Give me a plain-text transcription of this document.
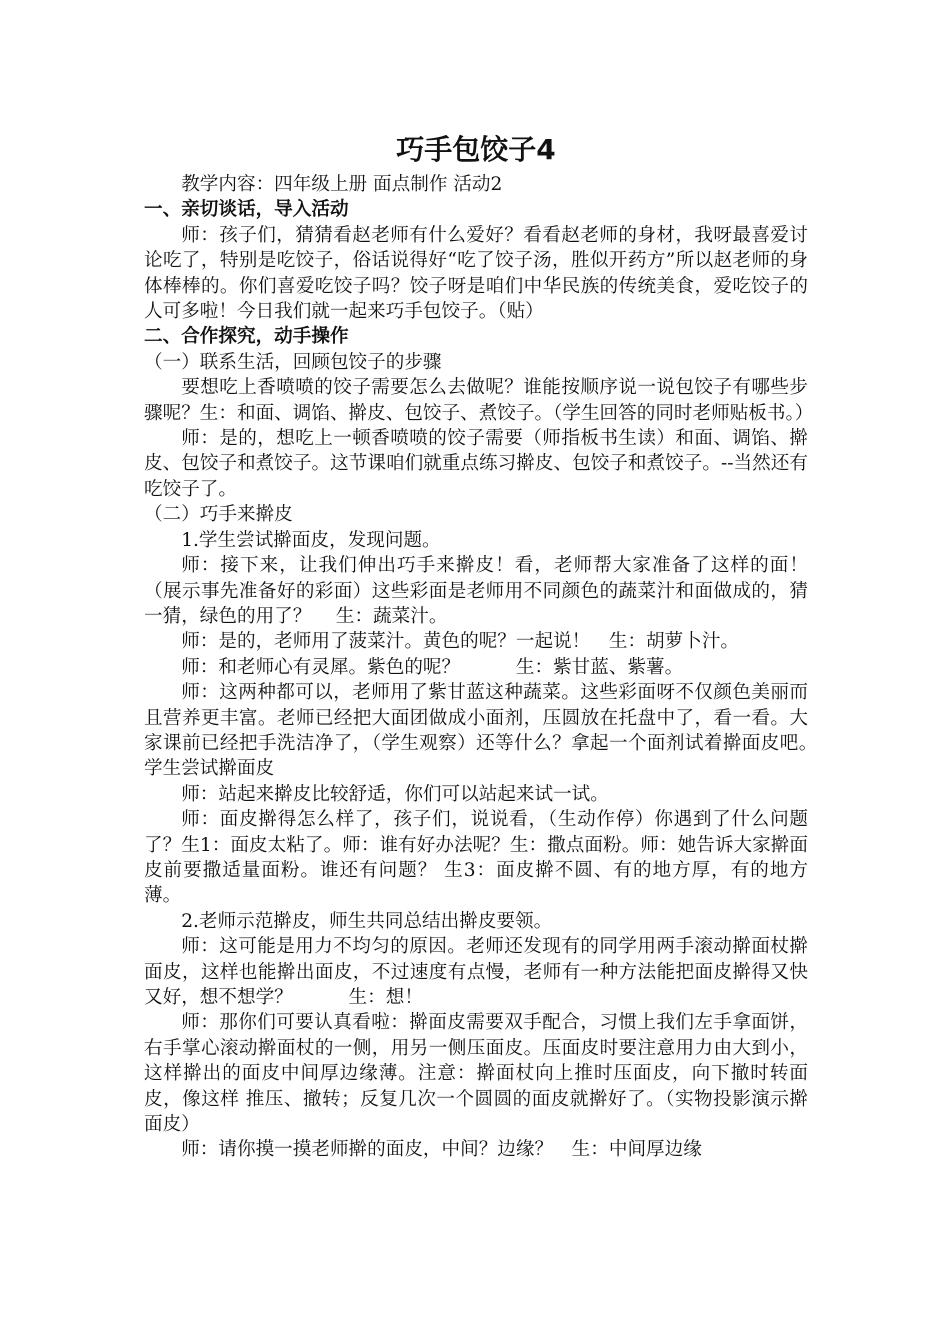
巧手包饺子4

教学内容：四年级上册 面点制作 活动2

一、亲切谈话，导入活动

师：孩子们，猜猜看赵老师有什么爱好？看看赵老师的身材，我呀最喜爱讨论吃了，特别是吃饺子，俗话说得好“吃了饺子汤，胜似开药方”所以赵老师的身体棒棒的。你们喜爱吃饺子吗？饺子呀是咱们中华民族的传统美食，爱吃饺子的人可多啦！今日我们就一起来巧手包饺子。（贴）

二、合作探究，动手操作

（一）联系生活，回顾包饺子的步骤

要想吃上香喷喷的饺子需要怎么去做呢？谁能按顺序说一说包饺子有哪些步骤呢？生：和面、调馅、擀皮、包饺子、煮饺子。（学生回答的同时老师贴板书。）

师：是的，想吃上一顿香喷喷的饺子需要（师指板书生读）和面、调馅、擀皮、包饺子和煮饺子。这节课咱们就重点练习擀皮、包饺子和煮饺子。--当然还有吃饺子了。

（二）巧手来擀皮

1.学生尝试擀面皮，发现问题。

师：接下来，让我们伸出巧手来擀皮！看，老师帮大家准备了这样的面！（展示事先准备好的彩面）这些彩面是老师用不同颜色的蔬菜汁和面做成的，猜一猜，绿色的用了？　 生：蔬菜汁。

师：是的，老师用了菠菜汁。黄色的呢？一起说！　生：胡萝卜汁。

师：和老师心有灵犀。紫色的呢？　　　生：紫甘蓝、紫薯。

师：这两种都可以，老师用了紫甘蓝这种蔬菜。这些彩面呀不仅颜色美丽而且营养更丰富。老师已经把大面团做成小面剂，压圆放在托盘中了，看一看。大家课前已经把手洗洁净了，（学生观察）还等什么？拿起一个面剂试着擀面皮吧。　　　学生尝试擀面皮

师：站起来擀皮比较舒适，你们可以站起来试一试。

师：面皮擀得怎么样了，孩子们，说说看，（生动作停）你遇到了什么问题了？生1：面皮太粘了。师：谁有好办法呢？生：撒点面粉。师：她告诉大家擀面皮前要撒适量面粉。谁还有问题？ 生3：面皮擀不圆、有的地方厚，有的地方薄。

2.老师示范擀皮，师生共同总结出擀皮要领。

师：这可能是用力不均匀的原因。老师还发现有的同学用两手滚动擀面杖擀面皮，这样也能擀出面皮，不过速度有点慢，老师有一种方法能把面皮擀得又快又好，想不想学？　　　生：想！

师：那你们可要认真看啦：擀面皮需要双手配合，习惯上我们左手拿面饼，右手掌心滚动擀面杖的一侧，用另一侧压面皮。压面皮时要注意用力由大到小，这样擀出的面皮中间厚边缘薄。注意：擀面杖向上推时压面皮，向下撤时转面皮，像这样 推压、撤转；反复几次一个圆圆的面皮就擀好了。（实物投影演示擀面皮）

师：请你摸一摸老师擀的面皮，中间？边缘？　生：中间厚边缘
